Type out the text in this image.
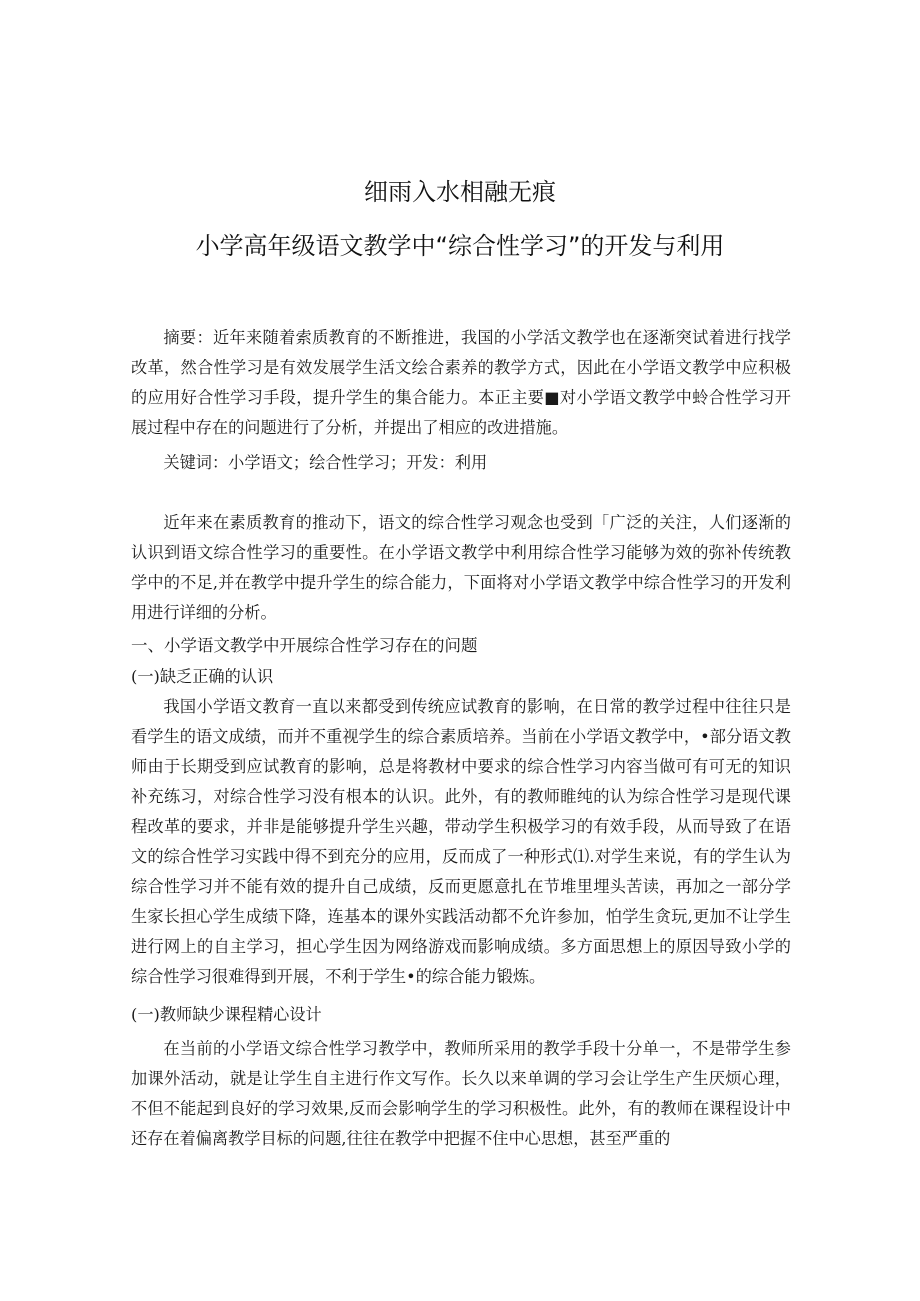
细雨入水相融无痕
小学高年级语文教学中“综合性学习”的开发与利用

摘要：近年来随着索质教育的不断推进，我国的小学活文教学也在逐渐突试着进行找学改革，然合性学习是有效发展学生活文绘合素养的教学方式，因此在小学语文教学中应积极的应用好合性学习手段，提升学生的集合能力。本正主要■对小学语文教学中蛉合性学习开展过程中存在的问题进行了分析，并提出了相应的改进措施。

关键词：小学语文；绘合性学习；开发：利用

近年来在素质教育的推动下，语文的综合性学习观念也受到「广泛的关注，人们逐渐的认识到语文综合性学习的重要性。在小学语文教学中利用综合性学习能够为效的弥补传统教学中的不足,并在教学中提升学生的综合能力，下面将对小学语文教学中综合性学习的开发利用进行详细的分析。

一、小学语文教学中开展综合性学习存在的问题
(一)缺乏正确的认识

我国小学语文教育一直以来都受到传统应试教育的影响，在日常的教学过程中往往只是看学生的语文成绩，而并不重视学生的综合素质培养。当前在小学语文教学中，•部分语文教师由于长期受到应试教育的影响，总是将教材中要求的综合性学习内容当做可有可无的知识补充练习，对综合性学习没有根本的认识。此外，有的教师睢纯的认为综合性学习是现代课程改革的要求，并非是能够提升学生兴趣，带动学生积极学习的有效手段，从而导致了在语文的综合性学习实践中得不到充分的应用，反而成了一种形式⑴.对学生来说，有的学生认为综合性学习并不能有效的提升自己成绩，反而更愿意扎在节堆里埋头苦读，再加之一部分学生家长担心学生成绩下降，连基本的课外实践活动都不允许参加，怕学生贪玩,更加不让学生进行网上的自主学习，担心学生因为网络游戏而影响成绩。多方面思想上的原因导致小学的综合性学习很难得到开展，不利于学生•的综合能力锻炼。

(一)教师缺少课程精心设计

在当前的小学语文综合性学习教学中，教师所采用的教学手段十分单一，不是带学生参加课外活动，就是让学生自主进行作文写作。长久以来单调的学习会让学生产生厌烦心理，不但不能起到良好的学习效果,反而会影响学生的学习积极性。此外，有的教师在课程设计中还存在着偏离教学目标的问题,往往在教学中把握不住中心思想，甚至严重的
